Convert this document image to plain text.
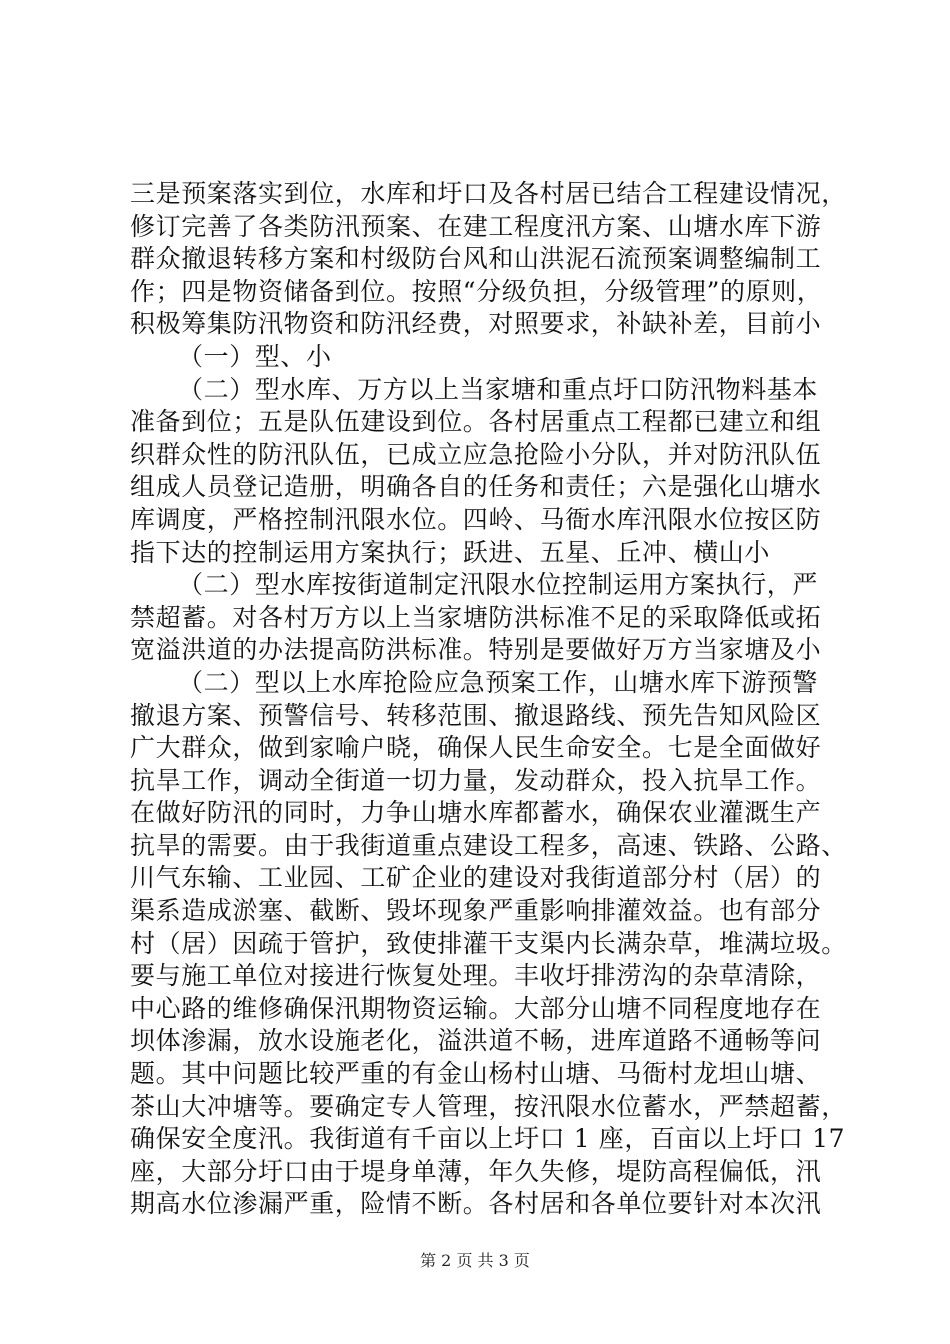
三是预案落实到位，水库和圩口及各村居已结合工程建设情况，
修订完善了各类防汛预案、在建工程度汛方案、山塘水库下游
群众撤退转移方案和村级防台风和山洪泥石流预案调整编制工
作；四是物资储备到位。按照“分级负担，分级管理”的原则，
积极筹集防汛物资和防汛经费，对照要求，补缺补差，目前小
（一）型、小
（二）型水库、万方以上当家塘和重点圩口防汛物料基本
准备到位；五是队伍建设到位。各村居重点工程都已建立和组
织群众性的防汛队伍，已成立应急抢险小分队，并对防汛队伍
组成人员登记造册，明确各自的任务和责任；六是强化山塘水
库调度，严格控制汛限水位。四岭、马衙水库汛限水位按区防
指下达的控制运用方案执行；跃进、五星、丘冲、横山小
（二）型水库按街道制定汛限水位控制运用方案执行，严
禁超蓄。对各村万方以上当家塘防洪标准不足的采取降低或拓
宽溢洪道的办法提高防洪标准。特别是要做好万方当家塘及小
（二）型以上水库抢险应急预案工作，山塘水库下游预警
撤退方案、预警信号、转移范围、撤退路线、预先告知风险区
广大群众，做到家喻户晓，确保人民生命安全。七是全面做好
抗旱工作，调动全街道一切力量，发动群众，投入抗旱工作。
在做好防汛的同时，力争山塘水库都蓄水，确保农业灌溉生产
抗旱的需要。由于我街道重点建设工程多，高速、铁路、公路、
川气东输、工业园、工矿企业的建设对我街道部分村（居）的
渠系造成淤塞、截断、毁坏现象严重影响排灌效益。也有部分
村（居）因疏于管护，致使排灌干支渠内长满杂草，堆满垃圾。
要与施工单位对接进行恢复处理。丰收圩排涝沟的杂草清除，
中心路的维修确保汛期物资运输。大部分山塘不同程度地存在
坝体渗漏，放水设施老化，溢洪道不畅，进库道路不通畅等问
题。其中问题比较严重的有金山杨村山塘、马衙村龙坦山塘、
茶山大冲塘等。要确定专人管理，按汛限水位蓄水，严禁超蓄，
确保安全度汛。我街道有千亩以上圩口 1 座，百亩以上圩口 17
座，大部分圩口由于堤身单薄，年久失修，堤防高程偏低，汛
期高水位渗漏严重，险情不断。各村居和各单位要针对本次汛
第 2 页 共 3 页
